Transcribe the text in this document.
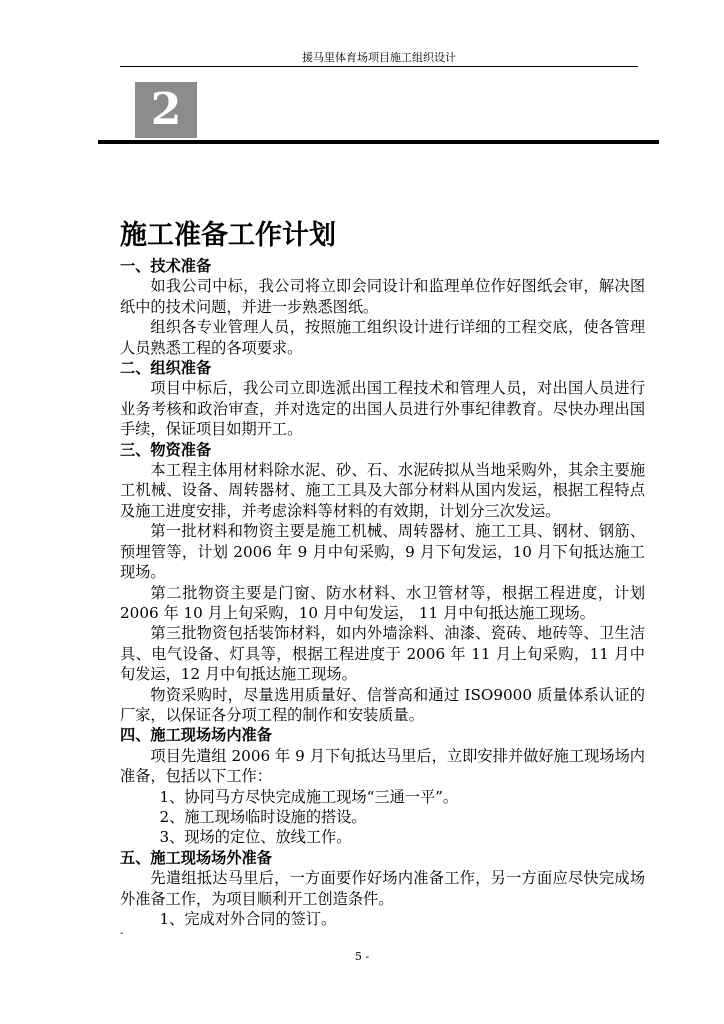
援马里体育场项目施工组织设计
2
施工准备工作计划
一、技术准备
如我公司中标，我公司将立即会同设计和监理单位作好图纸会审，解决图纸中的技术问题，并进一步熟悉图纸。
组织各专业管理人员，按照施工组织设计进行详细的工程交底，使各管理人员熟悉工程的各项要求。
二、组织准备
项目中标后，我公司立即选派出国工程技术和管理人员，对出国人员进行业务考核和政治审查，并对选定的出国人员进行外事纪律教育。尽快办理出国手续，保证项目如期开工。
三、物资准备
本工程主体用材料除水泥、砂、石、水泥砖拟从当地采购外，其余主要施工机械、设备、周转器材、施工工具及大部分材料从国内发运，根据工程特点及施工进度安排，并考虑涂料等材料的有效期，计划分三次发运。
第一批材料和物资主要是施工机械、周转器材、施工工具、钢材、钢筋、预埋管等，计划 2006 年 9 月中旬采购，9 月下旬发运，10 月下旬抵达施工现场。
第二批物资主要是门窗、防水材料、水卫管材等，根据工程进度，计划 2006 年 10 月上旬采购，10 月中旬发运， 11 月中旬抵达施工现场。
第三批物资包括装饰材料，如内外墙涂料、油漆、瓷砖、地砖等、卫生洁具、电气设备、灯具等，根据工程进度于 2006 年 11 月上旬采购，11 月中旬发运，12 月中旬抵达施工现场。
物资采购时，尽量选用质量好、信誉高和通过 ISO9000 质量体系认证的厂家，以保证各分项工程的制作和安装质量。
四、施工现场场内准备
项目先遣组 2006 年 9 月下旬抵达马里后，立即安排并做好施工现场场内准备，包括以下工作：
1、协同马方尽快完成施工现场“三通一平”。
2、施工现场临时设施的搭设。
3、现场的定位、放线工作。
五、施工现场场外准备
先遣组抵达马里后，一方面要作好场内准备工作，另一方面应尽快完成场外准备工作，为项目顺利开工创造条件。
1、完成对外合同的签订。
-
5 -
